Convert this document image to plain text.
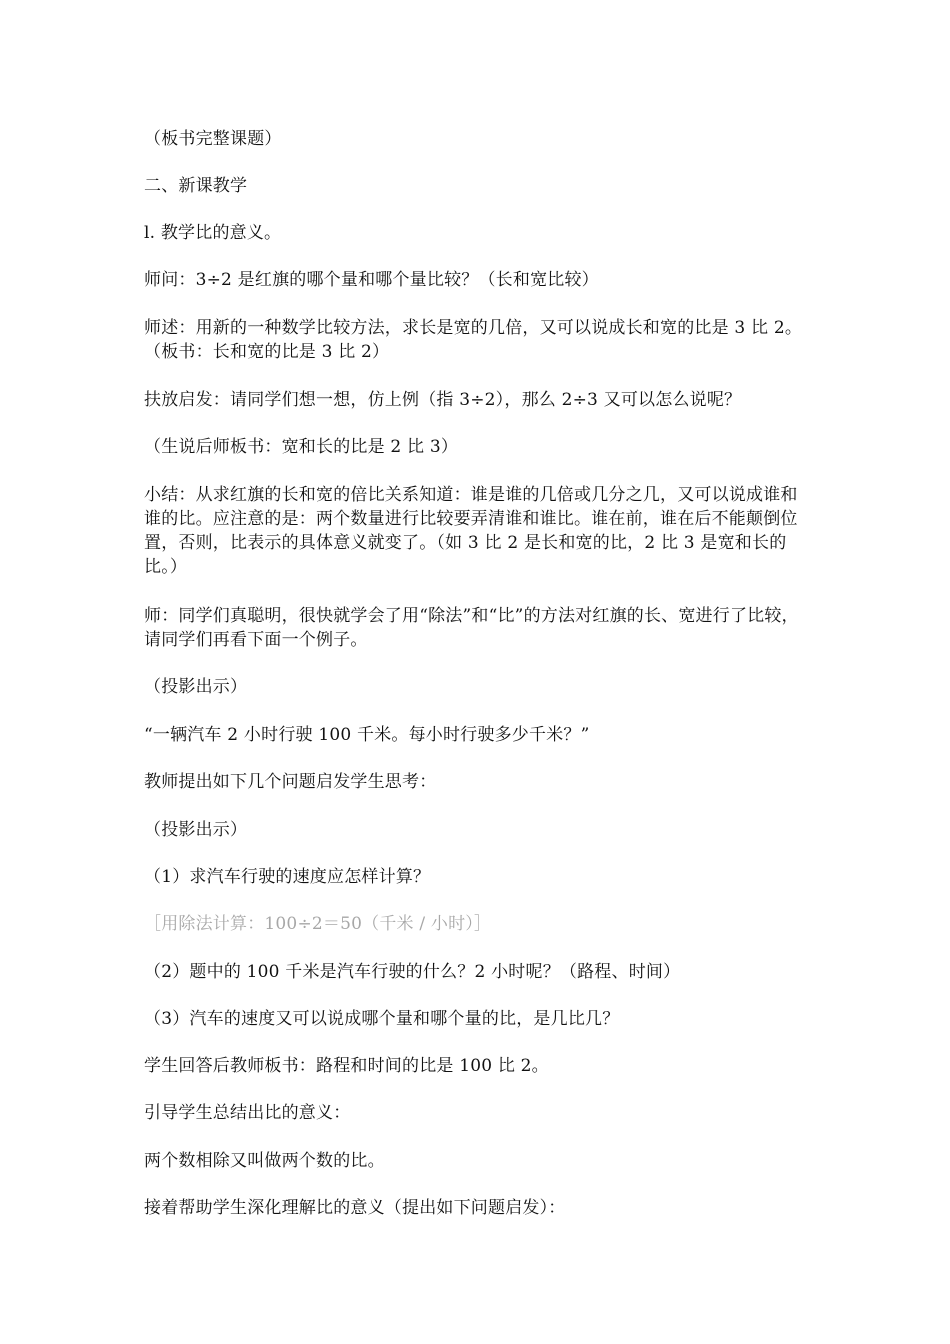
（板书完整课题）

二、新课教学

l. 教学比的意义。

师问：3÷2 是红旗的哪个量和哪个量比较？（长和宽比较）

师述：用新的一种数学比较方法，求长是宽的几倍，又可以说成长和宽的比是 3 比 2。（板书：长和宽的比是 3 比 2）

扶放启发：请同学们想一想，仿上例（指 3÷2），那么 2÷3 又可以怎么说呢？

（生说后师板书：宽和长的比是 2 比 3）

小结：从求红旗的长和宽的倍比关系知道：谁是谁的几倍或几分之几，又可以说成谁和谁的比。应注意的是：两个数量进行比较要弄清谁和谁比。谁在前，谁在后不能颠倒位置，否则，比表示的具体意义就变了。（如 3 比 2 是长和宽的比，2 比 3 是宽和长的比。）

师：同学们真聪明，很快就学会了用“除法”和“比”的方法对红旗的长、宽进行了比较，请同学们再看下面一个例子。

（投影出示）

“一辆汽车 2 小时行驶 100 千米。每小时行驶多少千米？”

教师提出如下几个问题启发学生思考：

（投影出示）

（1）求汽车行驶的速度应怎样计算？

［用除法计算：100÷2＝50（千米 / 小时）］

（2）题中的 100 千米是汽车行驶的什么？2 小时呢？（路程、时间）

（3）汽车的速度又可以说成哪个量和哪个量的比，是几比几？

学生回答后教师板书：路程和时间的比是 100 比 2。

引导学生总结出比的意义：

两个数相除又叫做两个数的比。

接着帮助学生深化理解比的意义（提出如下问题启发）：
